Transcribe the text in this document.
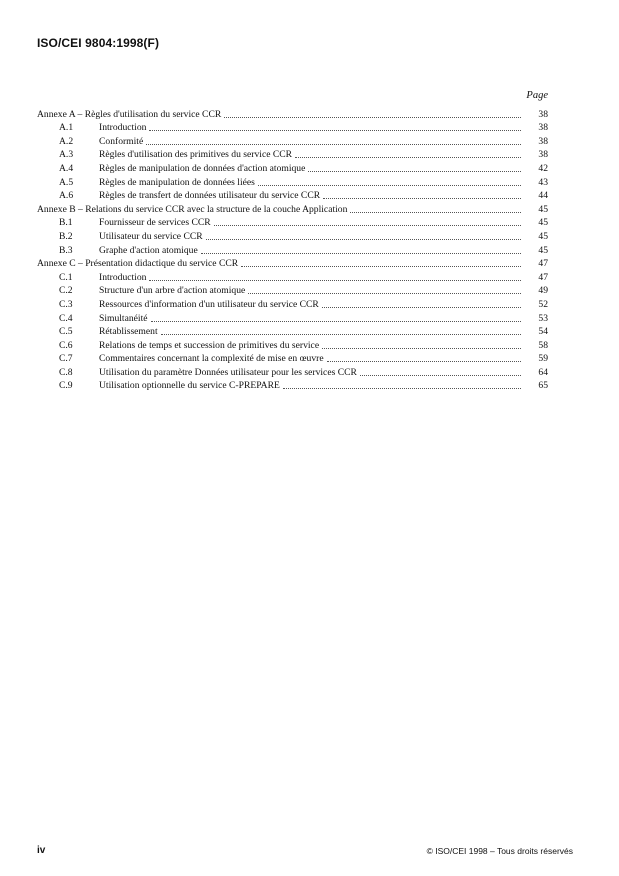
ISO/CEI 9804:1998(F)
Page
Annexe A – Règles d'utilisation du service CCR	38
A.1	Introduction	38
A.2	Conformité	38
A.3	Règles d'utilisation des primitives du service CCR	38
A.4	Règles de manipulation de données d'action atomique	42
A.5	Règles de manipulation de données liées	43
A.6	Règles de transfert de données utilisateur du service CCR	44
Annexe B – Relations du service CCR avec la structure de la couche Application	45
B.1	Fournisseur de services CCR	45
B.2	Utilisateur du service CCR	45
B.3	Graphe d'action atomique	45
Annexe C – Présentation didactique du service CCR	47
C.1	Introduction	47
C.2	Structure d'un arbre d'action atomique	49
C.3	Ressources d'information d'un utilisateur du service CCR	52
C.4	Simultanéité	53
C.5	Rétablissement	54
C.6	Relations de temps et succession de primitives du service	58
C.7	Commentaires concernant la complexité de mise en œuvre	59
C.8	Utilisation du paramètre Données utilisateur pour les services CCR	64
C.9	Utilisation optionnelle du service C-PREPARE	65
iv	© ISO/CEI 1998 – Tous droits réservés
